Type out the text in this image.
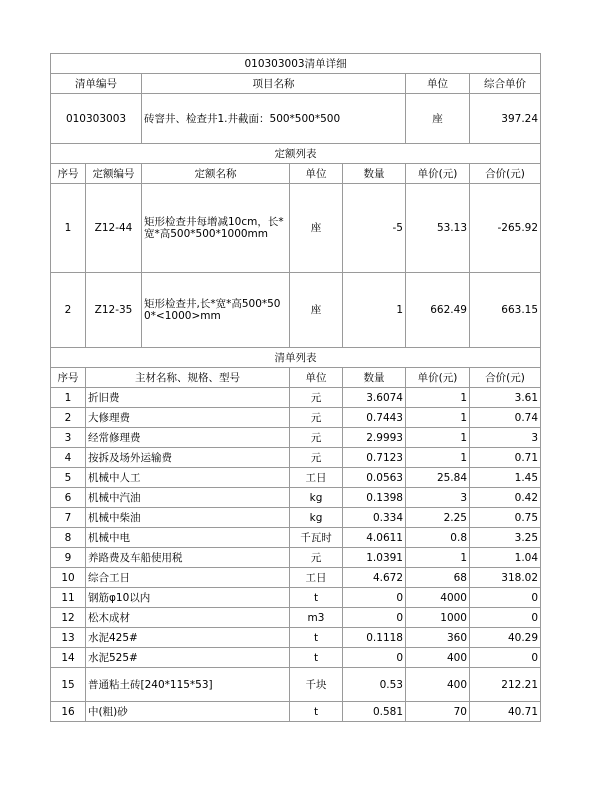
010303003清单详细						
清单编号		项目名称			单位	综合单价
010303003		砖窨井、检查井1.井截面：500*500*500			座	397.24
定额列表						
序号	定额编号	定额名称	单位	数量	单价(元)	合价(元)
1	Z12-44	矩形检查井每增减10cm，长*宽*高500*500*1000mm	座	-5	53.13	-265.92
2	Z12-35	矩形检查井,长*宽*高500*500*<1000>mm	座	1	662.49	663.15
清单列表						
序号	主材名称、规格、型号		单位	数量	单价(元)	合价(元)
1	折旧费		元	3.6074	1	3.61
2	大修理费		元	0.7443	1	0.74
3	经常修理费		元	2.9993	1	3
4	按拆及场外运输费		元	0.7123	1	0.71
5	机械中人工		工日	0.0563	25.84	1.45
6	机械中汽油		kg	0.1398	3	0.42
7	机械中柴油		kg	0.334	2.25	0.75
8	机械中电		千瓦时	4.0611	0.8	3.25
9	养路费及车船使用税		元	1.0391	1	1.04
10	综合工日		工日	4.672	68	318.02
11	钢筋φ10以内		t	0	4000	0
12	松木成材		m3	0	1000	0
13	水泥425#		t	0.1118	360	40.29
14	水泥525#		t	0	400	0
15	普通粘土砖[240*115*53]		千块	0.53	400	212.21
16	中(粗)砂		t	0.581	70	40.71
